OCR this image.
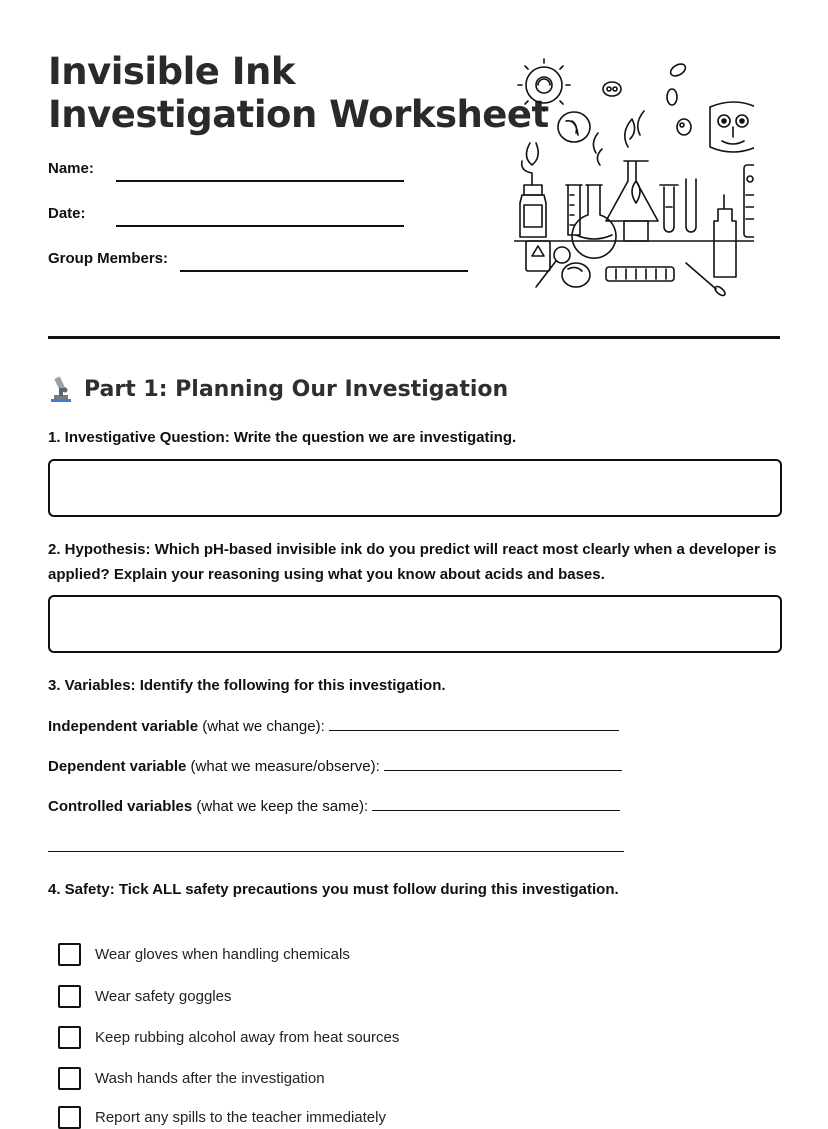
Invisible Ink
Investigation Worksheet
Name:
Date:
Group Members:
Part 1: Planning Our Investigation

1. Investigative Question: Write the question we are investigating.

2. Hypothesis: Which pH-based invisible ink do you predict will react most clearly when a developer is applied? Explain your reasoning using what you know about acids and bases.

3. Variables: Identify the following for this investigation.

Independent variable (what we change):
Dependent variable (what we measure/observe):
Controlled variables (what we keep the same):

4. Safety: Tick ALL safety precautions you must follow during this investigation.

Wear gloves when handling chemicals
Wear safety goggles
Keep rubbing alcohol away from heat sources
Wash hands after the investigation
Report any spills to the teacher immediately
